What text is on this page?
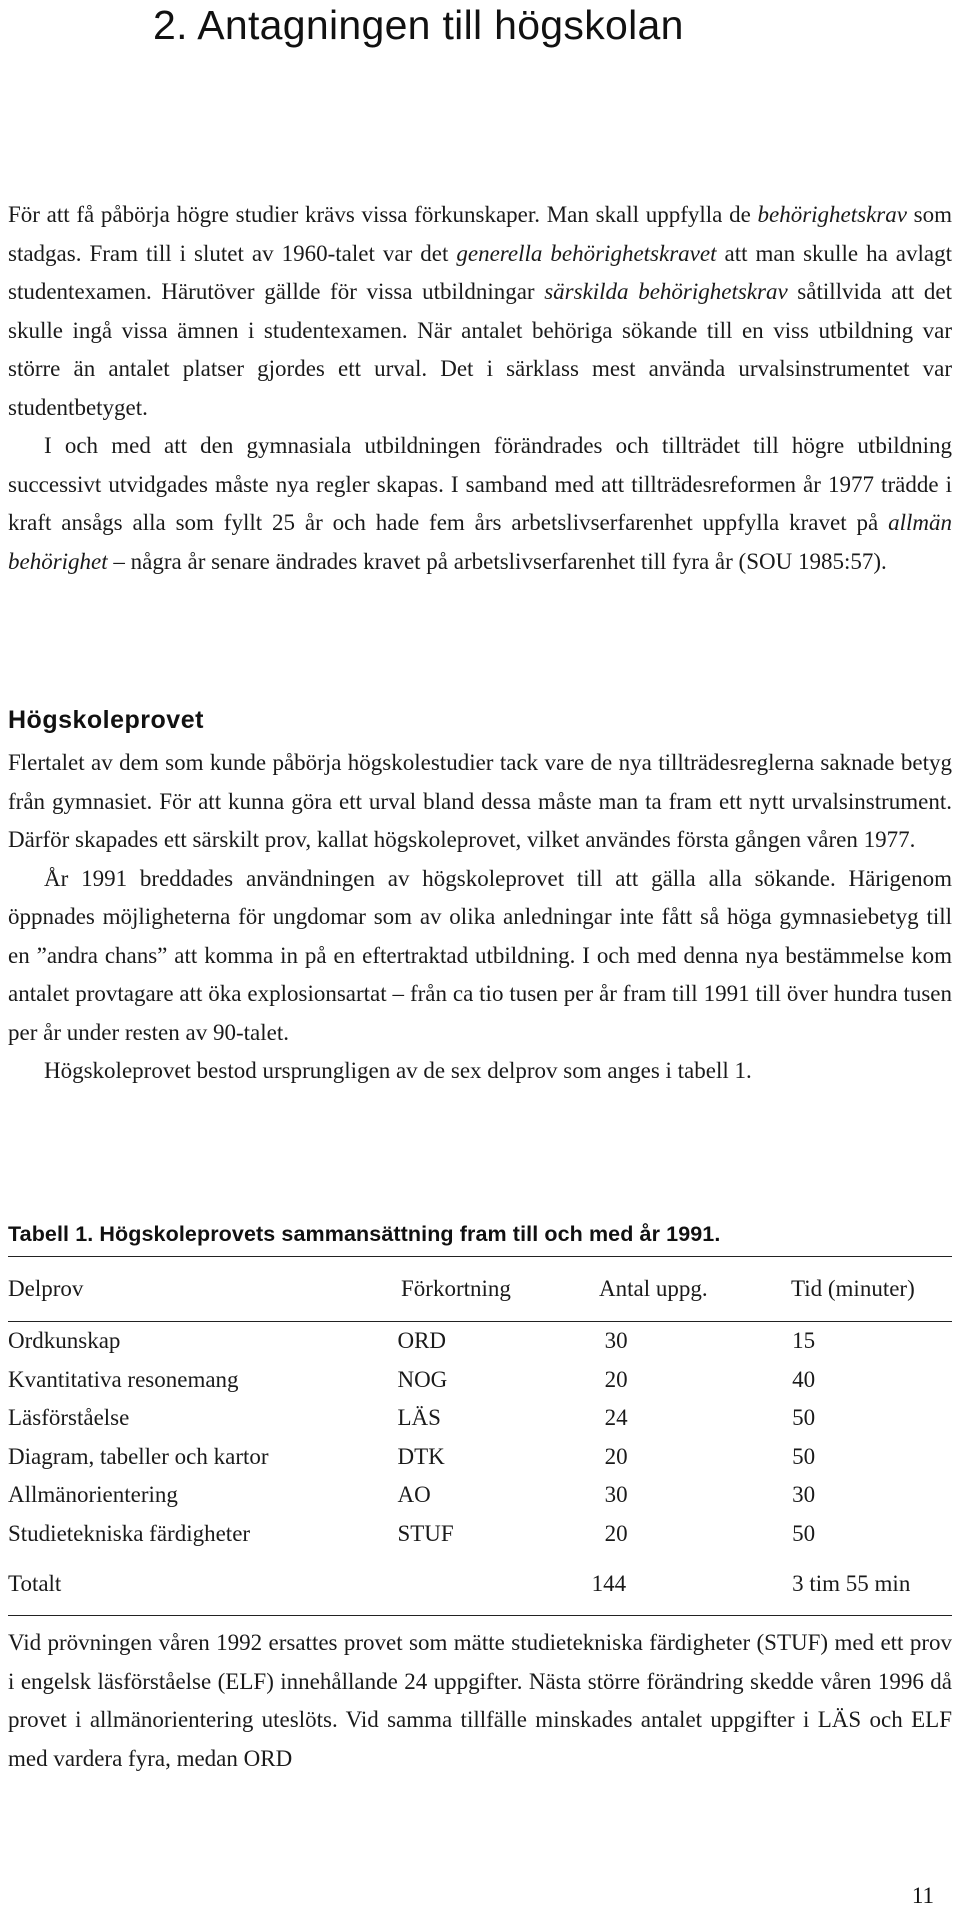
2. Antagningen till högskolan

För att få påbörja högre studier krävs vissa förkunskaper. Man skall uppfylla de behörighetskrav som stadgas. Fram till i slutet av 1960-talet var det generella behörighetskravet att man skulle ha avlagt studentexamen. Härutöver gällde för vissa utbildningar särskilda behörighetskrav såtillvida att det skulle ingå vissa ämnen i studentexamen. När antalet behöriga sökande till en viss utbildning var större än antalet platser gjordes ett urval. Det i särklass mest använda urvalsinstrumentet var studentbetyget.

I och med att den gymnasiala utbildningen förändrades och tillträdet till högre utbildning successivt utvidgades måste nya regler skapas. I samband med att tillträdesreformen år 1977 trädde i kraft ansågs alla som fyllt 25 år och hade fem års arbetslivserfarenhet uppfylla kravet på allmän behörighet – några år senare ändrades kravet på arbetslivserfarenhet till fyra år (SOU 1985:57).

Högskoleprovet

Flertalet av dem som kunde påbörja högskolestudier tack vare de nya tillträdesreglerna saknade betyg från gymnasiet. För att kunna göra ett urval bland dessa måste man ta fram ett nytt urvalsinstrument. Därför skapades ett särskilt prov, kallat högskoleprovet, vilket användes första gången våren 1977.

År 1991 breddades användningen av högskoleprovet till att gälla alla sökande. Härigenom öppnades möjligheterna för ungdomar som av olika anledningar inte fått så höga gymnasiebetyg till en ”andra chans” att komma in på en eftertraktad utbildning. I och med denna nya bestämmelse kom antalet provtagare att öka explosionsartat – från ca tio tusen per år fram till 1991 till över hundra tusen per år under resten av 90-talet.

Högskoleprovet bestod ursprungligen av de sex delprov som anges i tabell 1.

Tabell 1. Högskoleprovets sammansättning fram till och med år 1991.
Delprov	Förkortning	Antal uppg.	Tid (minuter)
Ordkunskap	ORD	30	15
Kvantitativa resonemang	NOG	20	40
Läsförståelse	LÄS	24	50
Diagram, tabeller och kartor	DTK	20	50
Allmänorientering	AO	30	30
Studietekniska färdigheter	STUF	20	50
Totalt		144	3 tim 55 min

Vid prövningen våren 1992 ersattes provet som mätte studietekniska färdigheter (STUF) med ett prov i engelsk läsförståelse (ELF) innehållande 24 uppgifter. Nästa större förändring skedde våren 1996 då provet i allmänorientering uteslöts. Vid samma tillfälle minskades antalet uppgifter i LÄS och ELF med vardera fyra, medan ORD

11
